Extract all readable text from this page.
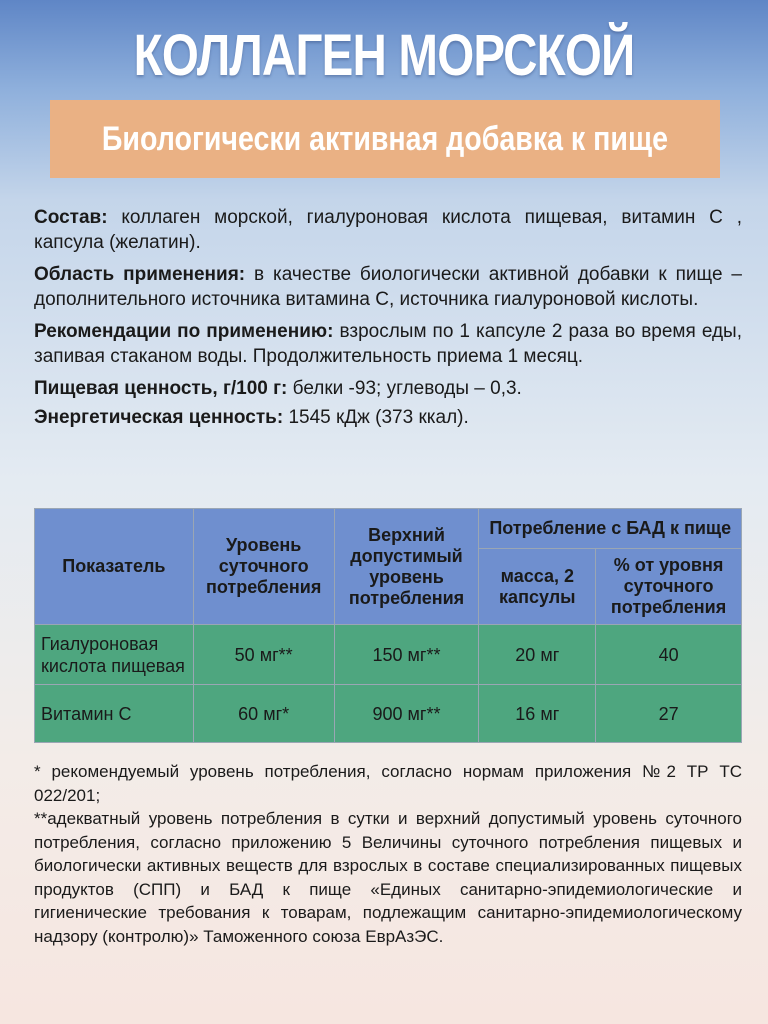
КОЛЛАГЕН МОРСКОЙ
Биологически активная добавка к пище

Состав: коллаген морской, гиалуроновая кислота пищевая, витамин С , капсула (желатин).

Область применения: в качестве биологически активной добавки к пище – дополнительного источника витамина С, источника гиалуроновой кислоты.

Рекомендации по применению: взрослым по 1 капсуле 2 раза во время еды, запивая стаканом воды. Продолжительность приема 1 месяц.

Пищевая ценность, г/100 г: белки -93; углеводы – 0,3.

Энергетическая ценность: 1545 кДж (373 ккал).

Показатель	Уровень суточного потребления	Верхний допустимый уровень потребления	Потребление с БАД к пище	
			масса, 2 капсулы	% от уровня суточного потребления
Гиалуроновая кислота пищевая	50 мг**	150 мг**	20 мг	40
Витамин С	60 мг*	900 мг**	16 мг	27

* рекомендуемый уровень потребления, согласно нормам приложения №2 ТР ТС 022/201;

**адекватный уровень потребления в сутки и верхний допустимый уровень суточного потребления, согласно приложению 5 Величины суточного потребления пищевых и биологически активных веществ для взрослых в составе специализированных пищевых продуктов (СПП) и БАД к пище «Единых санитарно-эпидемиологические и гигиенические требования к товарам, подлежащим санитарно-эпидемиологическому надзору (контролю)» Таможенного союза ЕврАзЭС.
